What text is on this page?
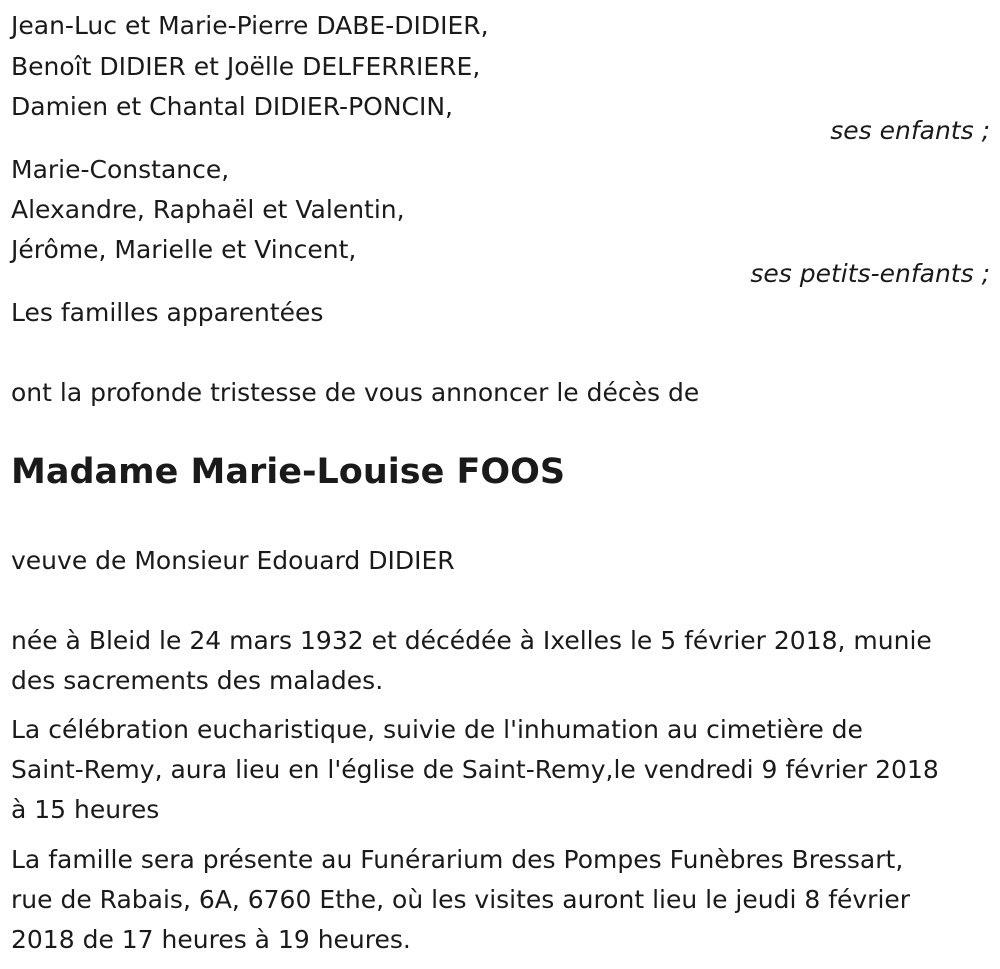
Jean-Luc et Marie-Pierre DABE-DIDIER,
Benoît DIDIER et Joëlle DELFERRIERE,
Damien et Chantal DIDIER-PONCIN,
ses enfants ;
Marie-Constance,
Alexandre, Raphaël et Valentin,
Jérôme, Marielle et Vincent,
ses petits-enfants ;
Les familles apparentées
ont la profonde tristesse de vous annoncer le décès de
Madame Marie-Louise FOOS
veuve de Monsieur Edouard DIDIER
née à Bleid le 24 mars 1932 et décédée à Ixelles le 5 février 2018, munie
des sacrements des malades.
La célébration eucharistique, suivie de l'inhumation au cimetière de
Saint-Remy, aura lieu en l'église de Saint-Remy,le vendredi 9 février 2018
à 15 heures
La famille sera présente au Funérarium des Pompes Funèbres Bressart,
rue de Rabais, 6A, 6760 Ethe, où les visites auront lieu le jeudi 8 février
2018 de 17 heures à 19 heures.
